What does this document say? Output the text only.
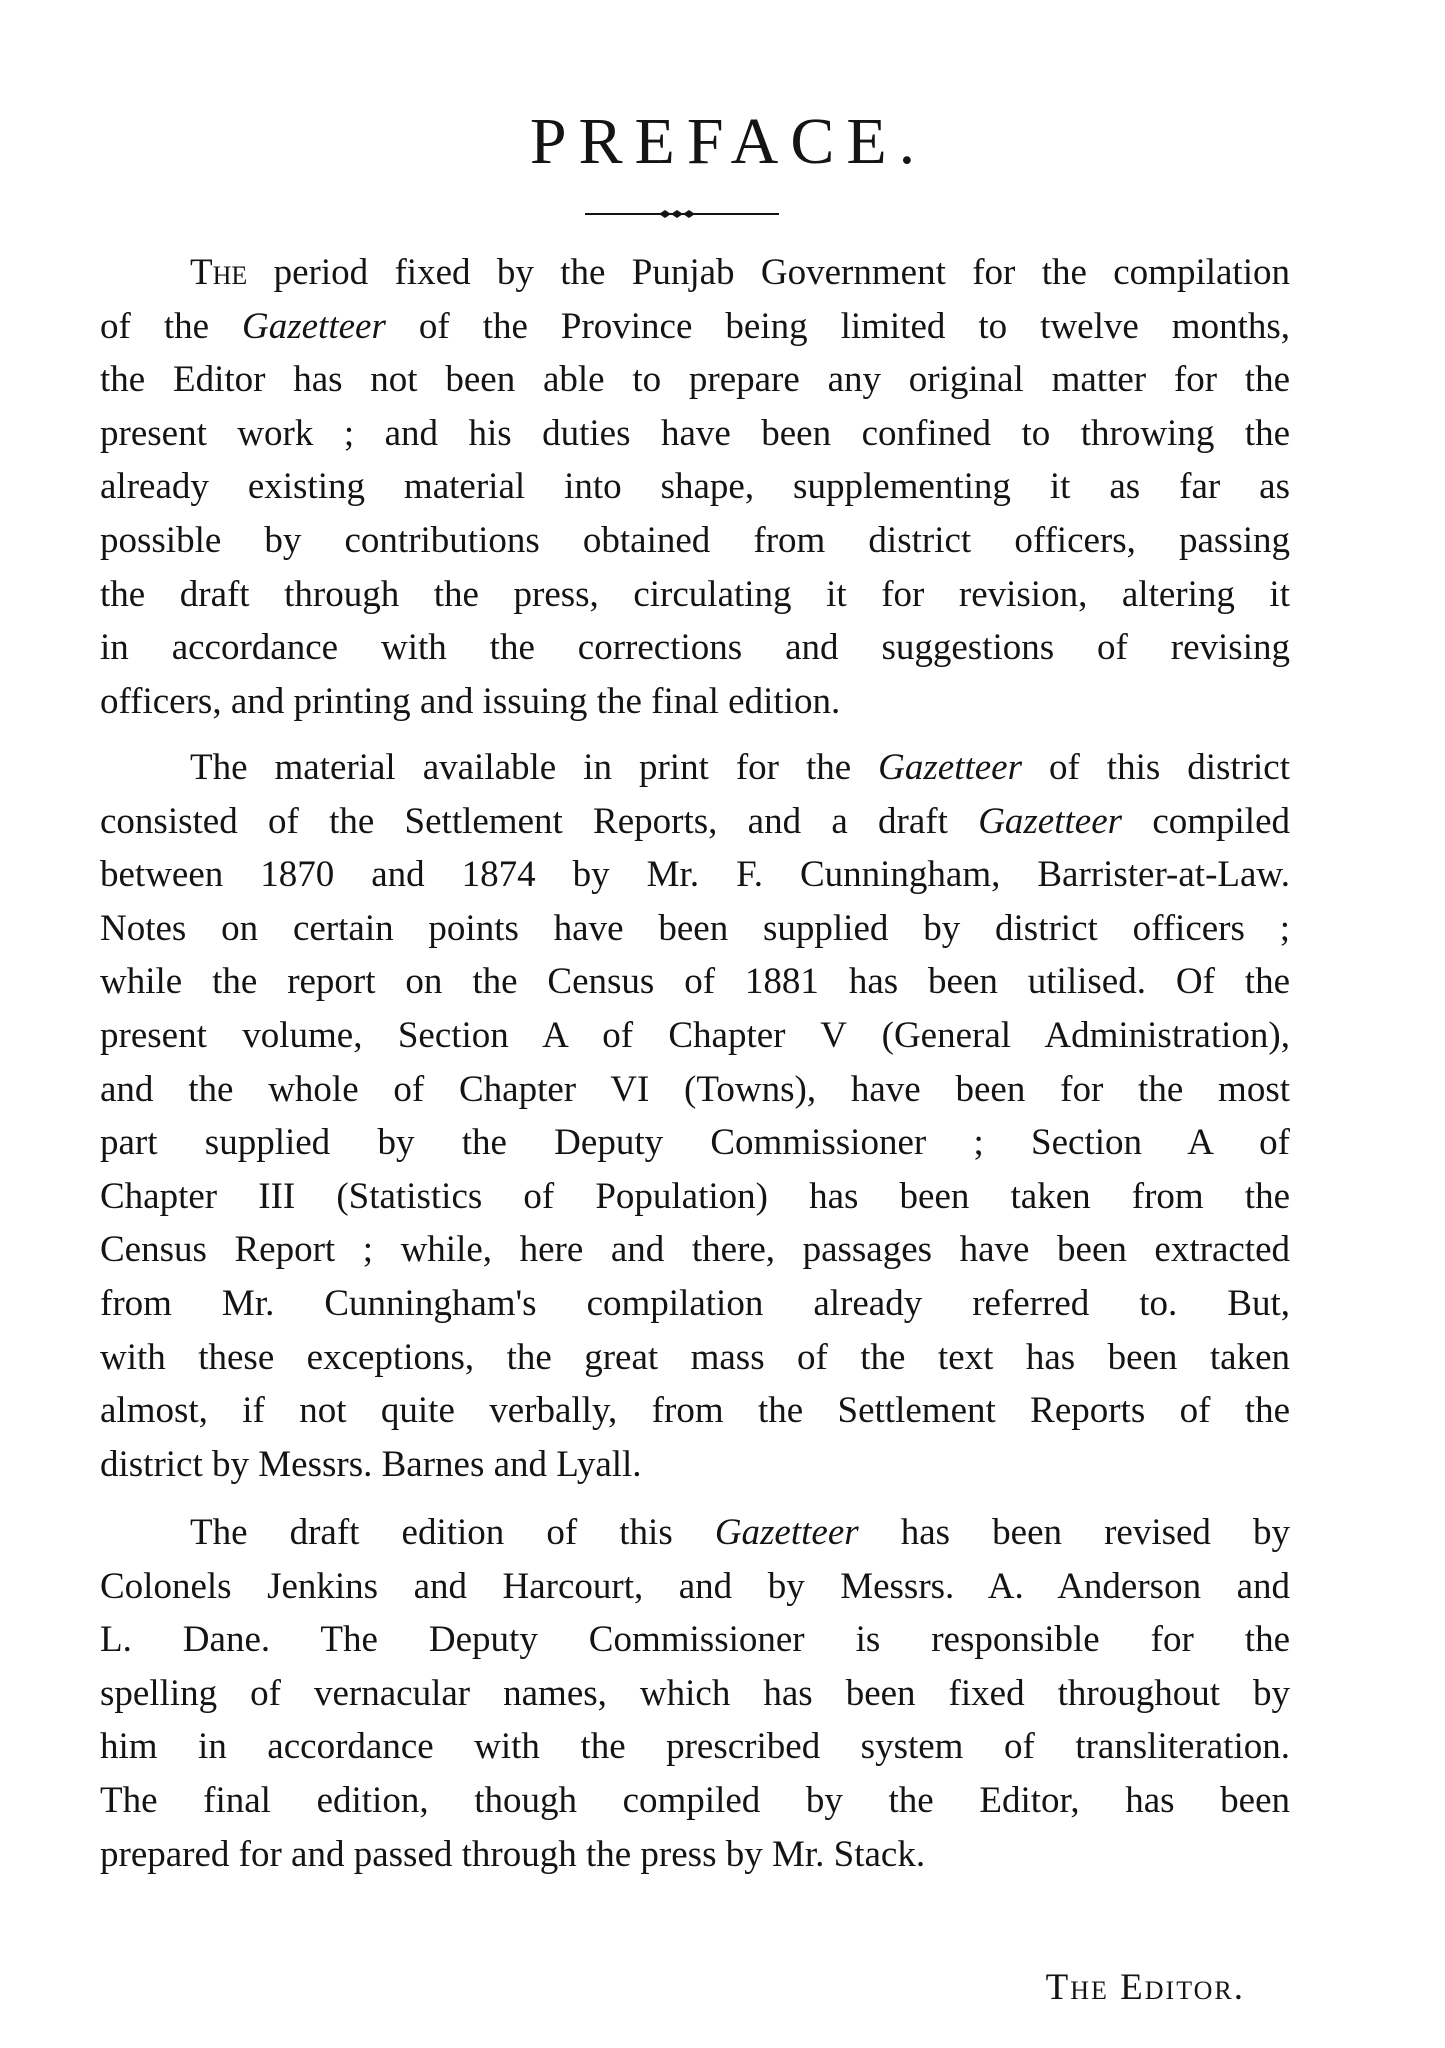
PREFACE.
The period fixed by the Punjab Government for the compilation
of the Gazetteer of the Province being limited to twelve months,
the Editor has not been able to prepare any original matter for the
present work ; and his duties have been confined to throwing the
already existing material into shape, supplementing it as far as
possible by contributions obtained from district officers, passing
the draft through the press, circulating it for revision, altering it
in accordance with the corrections and suggestions of revising
officers, and printing and issuing the final edition.
The material available in print for the Gazetteer of this district
consisted of the Settlement Reports, and a draft Gazetteer compiled
between 1870 and 1874 by Mr. F. Cunningham, Barrister-at-Law.
Notes on certain points have been supplied by district officers ;
while the report on the Census of 1881 has been utilised. Of the
present volume, Section A of Chapter V (General Administration),
and the whole of Chapter VI (Towns), have been for the most
part supplied by the Deputy Commissioner ; Section A of
Chapter III (Statistics of Population) has been taken from the
Census Report ; while, here and there, passages have been extracted
from Mr. Cunningham's compilation already referred to. But,
with these exceptions, the great mass of the text has been taken
almost, if not quite verbally, from the Settlement Reports of the
district by Messrs. Barnes and Lyall.
The draft edition of this Gazetteer has been revised by
Colonels Jenkins and Harcourt, and by Messrs. A. Anderson and
L. Dane. The Deputy Commissioner is responsible for the
spelling of vernacular names, which has been fixed throughout by
him in accordance with the prescribed system of transliteration.
The final edition, though compiled by the Editor, has been
prepared for and passed through the press by Mr. Stack.

The Editor.
